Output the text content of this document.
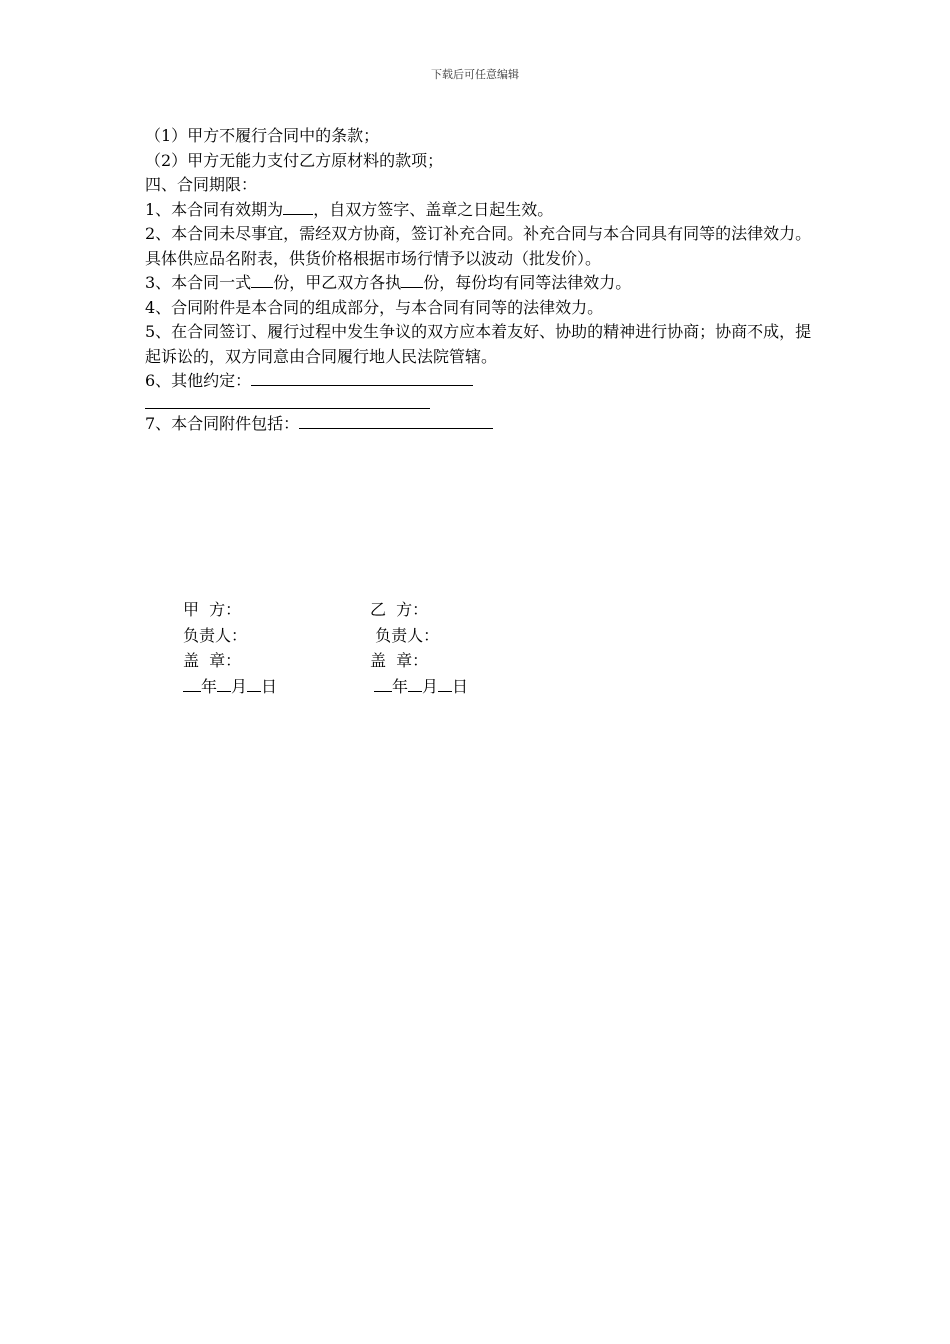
下载后可任意编辑
（1）甲方不履行合同中的条款；
（2）甲方无能力支付乙方原材料的款项；
四、合同期限：
1、本合同有效期为 ，自双方签字、盖章之日起生效。
2、本合同未尽事宜，需经双方协商，签订补充合同。补充合同与本合同具有同等的法律效力。具体供应品名附表，供货价格根据市场行情予以波动（批发价）。
3、本合同一式 份，甲乙双方各执 份，每份均有同等法律效力。
4、合同附件是本合同的组成部分，与本合同有同等的法律效力。
5、在合同签订、履行过程中发生争议的双方应本着友好、协助的精神进行协商；协商不成，提起诉讼的，双方同意由合同履行地人民法院管辖。
6、其他约定：
7、本合同附件包括：
甲  方：
负责人：
盖  章：
年 月 日
乙  方：
负责人：
盖  章：
年 月 日
